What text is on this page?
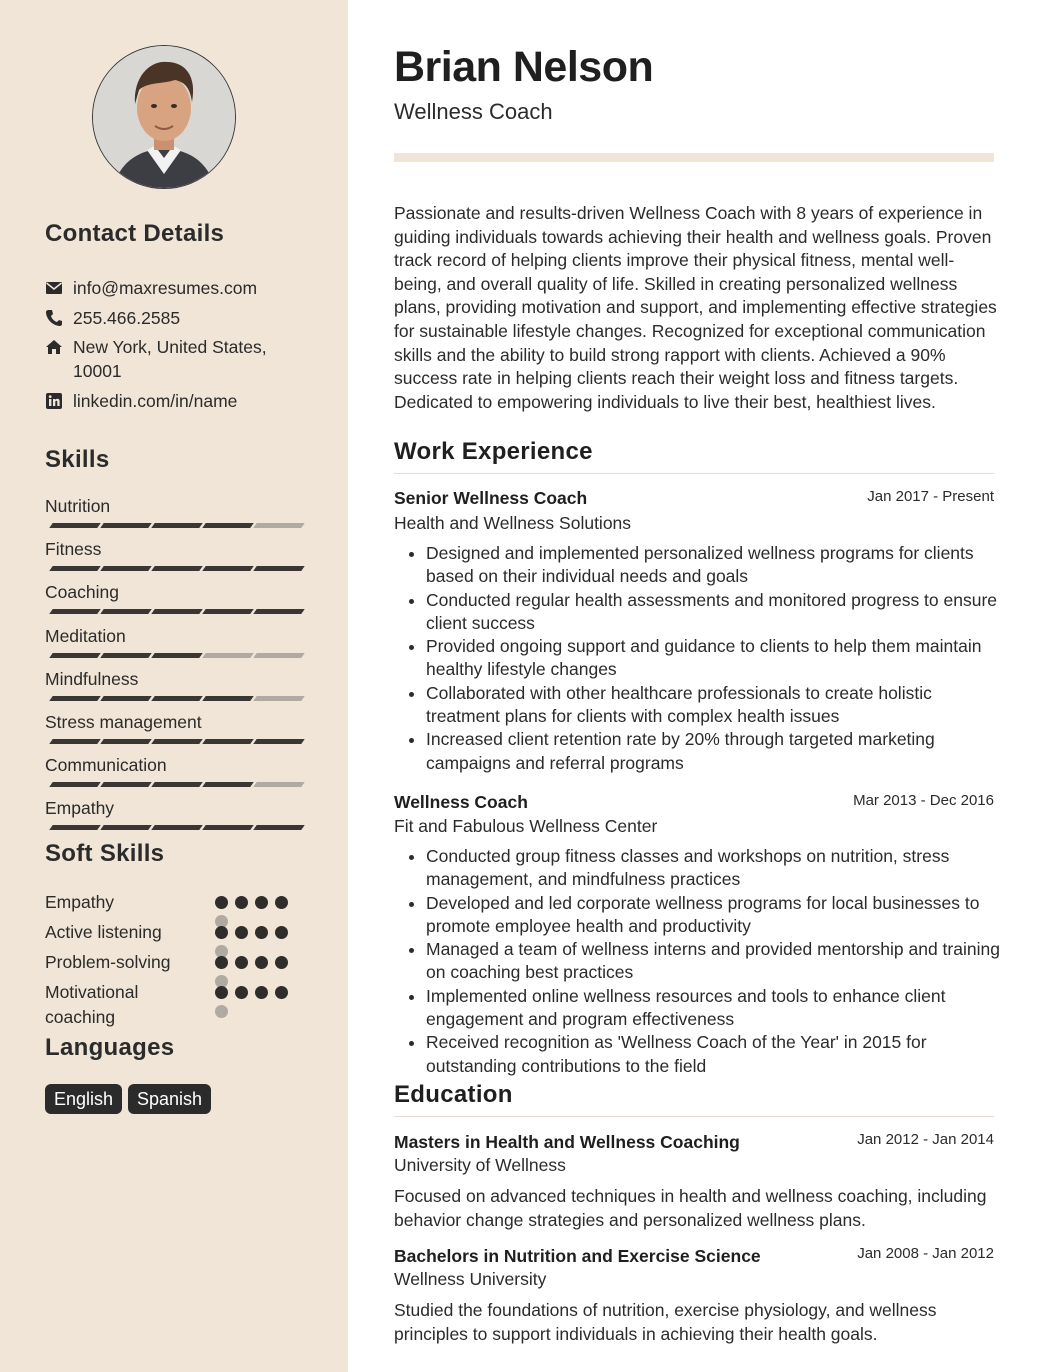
Contact Details
info@maxresumes.com
255.466.2585
New York, United States,
10001
linkedin.com/in/name
Skills
Nutrition
Fitness
Coaching
Meditation
Mindfulness
Stress management
Communication
Empathy
Soft Skills
Empathy
Active listening
Problem-solving
Motivational coaching
Languages
English	Spanish
Brian Nelson
Wellness Coach
Passionate and results-driven Wellness Coach with 8 years of experience in guiding individuals towards achieving their health and wellness goals. Proven track record of helping clients improve their physical fitness, mental well-being, and overall quality of life. Skilled in creating personalized wellness plans, providing motivation and support, and implementing effective strategies for sustainable lifestyle changes. Recognized for exceptional communication skills and the ability to build strong rapport with clients. Achieved a 90% success rate in helping clients reach their weight loss and fitness targets. Dedicated to empowering individuals to live their best, healthiest lives.
Work Experience
Senior Wellness Coach	Jan 2017 - Present
Health and Wellness Solutions
• Designed and implemented personalized wellness programs for clients based on their individual needs and goals
• Conducted regular health assessments and monitored progress to ensure client success
• Provided ongoing support and guidance to clients to help them maintain healthy lifestyle changes
• Collaborated with other healthcare professionals to create holistic treatment plans for clients with complex health issues
• Increased client retention rate by 20% through targeted marketing campaigns and referral programs
Wellness Coach	Mar 2013 - Dec 2016
Fit and Fabulous Wellness Center
• Conducted group fitness classes and workshops on nutrition, stress management, and mindfulness practices
• Developed and led corporate wellness programs for local businesses to promote employee health and productivity
• Managed a team of wellness interns and provided mentorship and training on coaching best practices
• Implemented online wellness resources and tools to enhance client engagement and program effectiveness
• Received recognition as 'Wellness Coach of the Year' in 2015 for outstanding contributions to the field
Education
Masters in Health and Wellness Coaching	Jan 2012 - Jan 2014
University of Wellness
Focused on advanced techniques in health and wellness coaching, including behavior change strategies and personalized wellness plans.
Bachelors in Nutrition and Exercise Science	Jan 2008 - Jan 2012
Wellness University
Studied the foundations of nutrition, exercise physiology, and wellness principles to support individuals in achieving their health goals.
